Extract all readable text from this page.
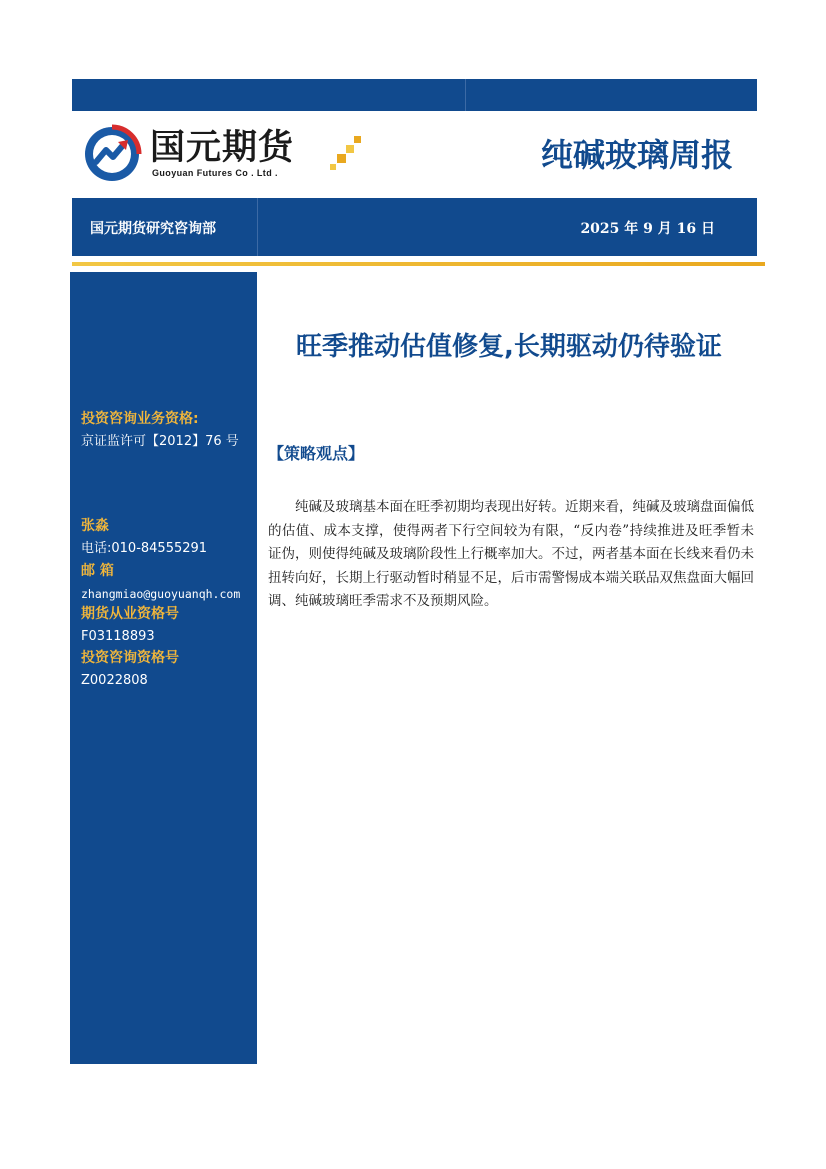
国元期货
Guoyuan Futures Co . Ltd .	纯碱玻璃周报
国元期货研究咨询部	2025 年 9 月 16 日
投资咨询业务资格:
京证监许可【2012】76 号
张淼
电话:010-84555291
邮 箱
zhangmiao@guoyuanqh.com
期货从业资格号
F03118893
投资咨询资格号
Z0022808
旺季推动估值修复,长期驱动仍待验证
【策略观点】

纯碱及玻璃基本面在旺季初期均表现出好转。近期来看，纯碱及玻璃盘面偏低的估值、成本支撑，使得两者下行空间较为有限，“反内卷”持续推进及旺季暂未证伪，则使得纯碱及玻璃阶段性上行概率加大。不过，两者基本面在长线来看仍未扭转向好，长期上行驱动暂时稍显不足，后市需警惕成本端关联品双焦盘面大幅回调、纯碱玻璃旺季需求不及预期风险。
